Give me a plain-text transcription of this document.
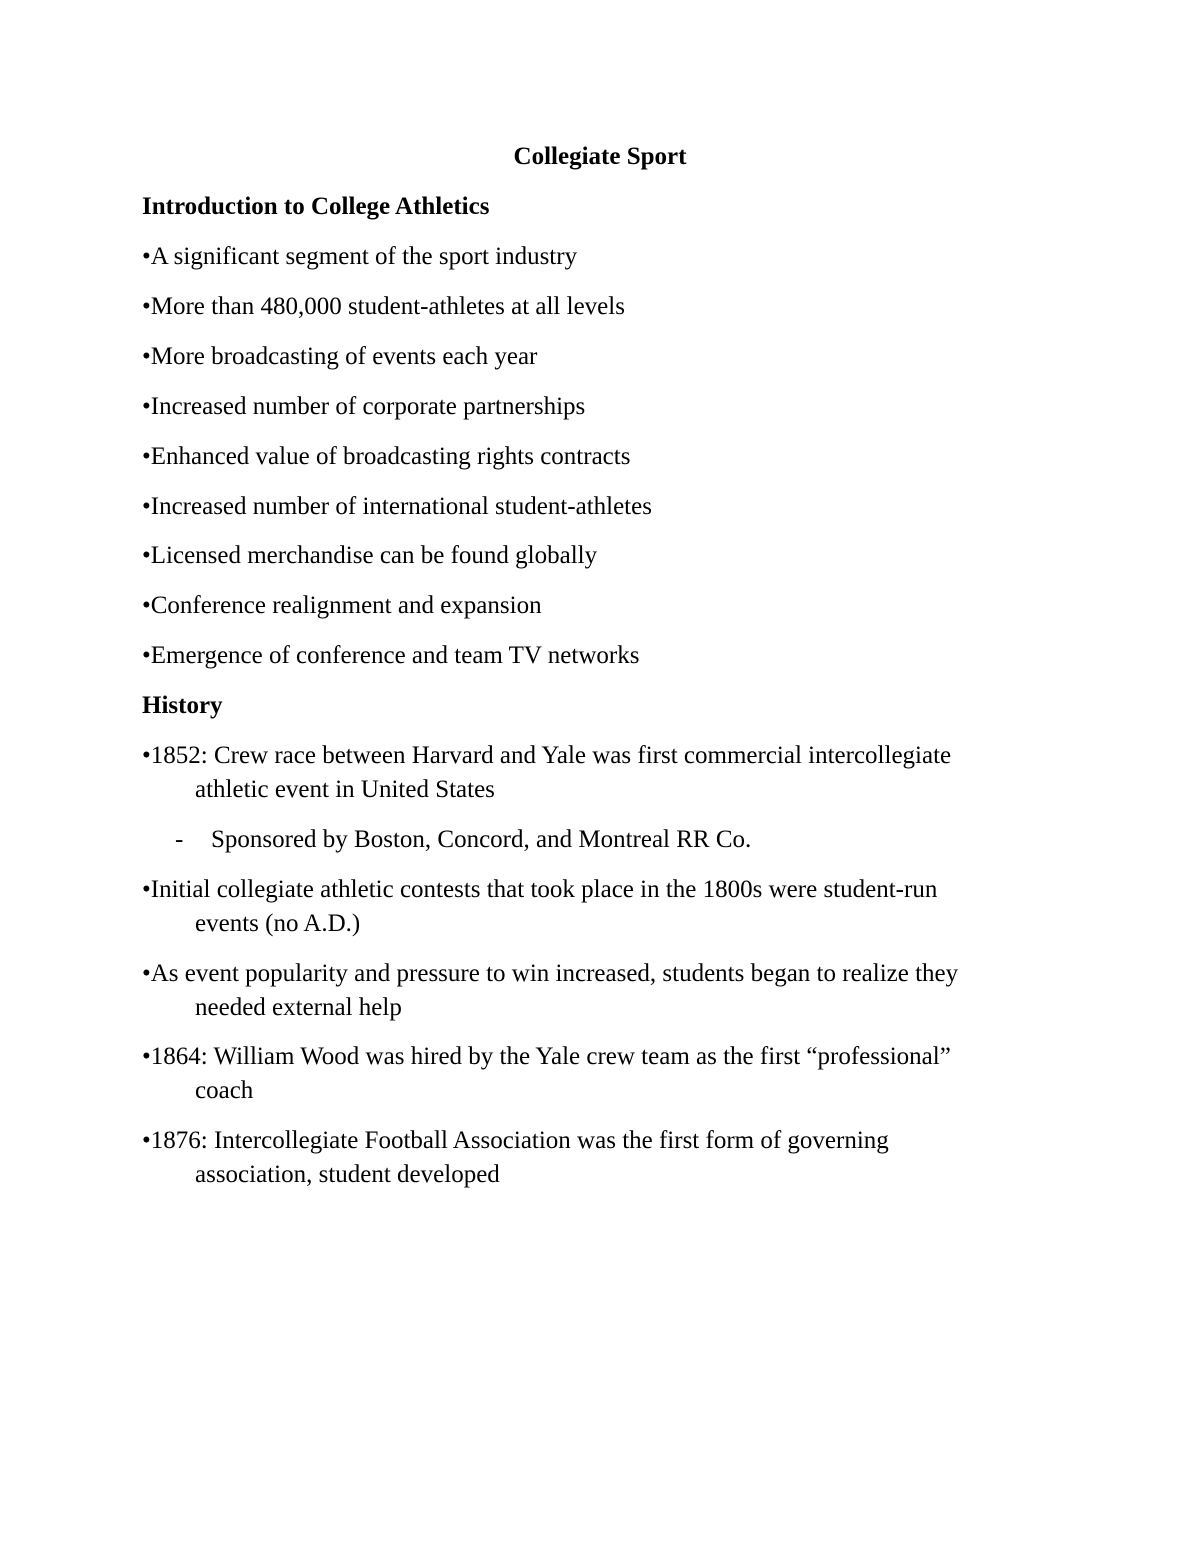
Collegiate Sport
Introduction to College Athletics
•A significant segment of the sport industry
•More than 480,000 student-athletes at all levels
•More broadcasting of events each year
•Increased number of corporate partnerships
•Enhanced value of broadcasting rights contracts
•Increased number of international student-athletes
•Licensed merchandise can be found globally
•Conference realignment and expansion
•Emergence of conference and team TV networks
History
•1852: Crew race between Harvard and Yale was first commercial intercollegiate
athletic event in United States
- Sponsored by Boston, Concord, and Montreal RR Co.
•Initial collegiate athletic contests that took place in the 1800s were student-run
events (no A.D.)
•As event popularity and pressure to win increased, students began to realize they
needed external help
•1864: William Wood was hired by the Yale crew team as the first “professional”
coach
•1876: Intercollegiate Football Association was the first form of governing
association, student developed
